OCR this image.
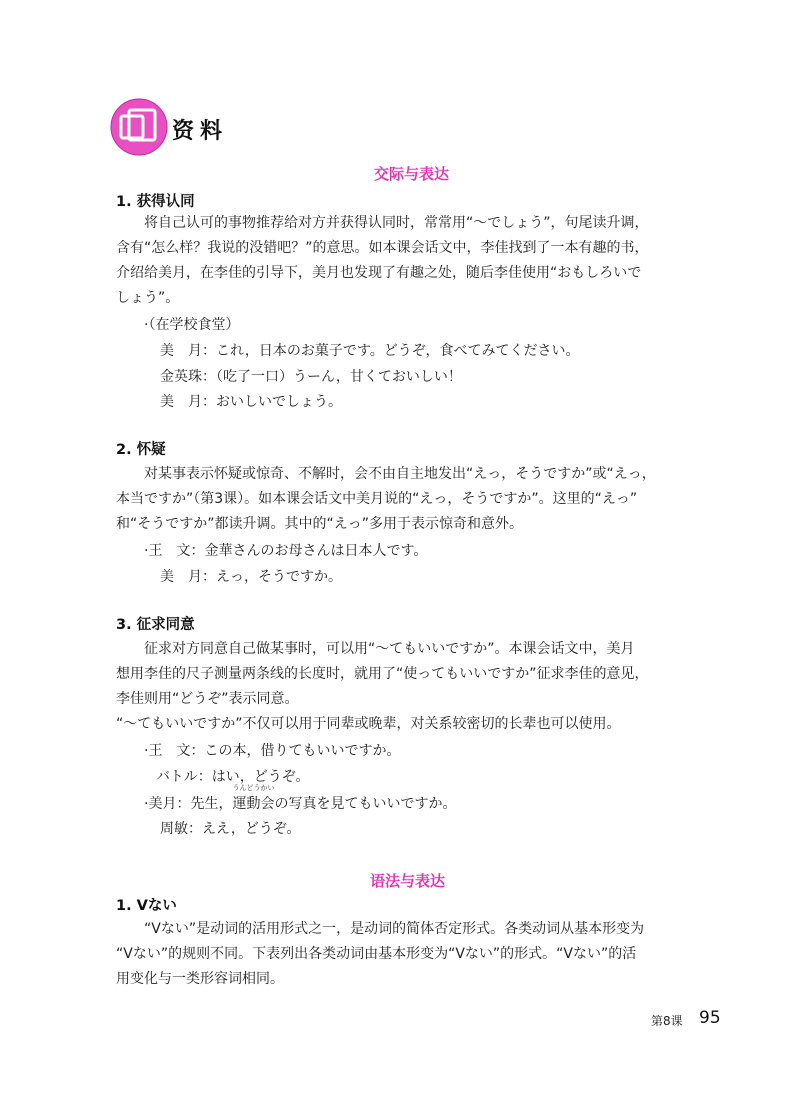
资料
交际与表达
1. 获得认同
将自己认可的事物推荐给对方并获得认同时，常常用“～でしょう”，句尾读升调，
含有“怎么样？我说的没错吧？”的意思。如本课会话文中，李佳找到了一本有趣的书，
介绍给美月，在李佳的引导下，美月也发现了有趣之处，随后李佳使用“おもしろいで
しょう”。
·（在学校食堂）
美　月：これ，日本のお菓子です。どうぞ，食べてみてください。
金英珠：（吃了一口）うーん，甘くておいしい！
美　月：おいしいでしょう。
2. 怀疑
对某事表示怀疑或惊奇、不解时，会不由自主地发出“えっ，そうですか”或“えっ，
本当ですか”（第3课）。如本课会话文中美月说的“えっ，そうですか”。这里的“えっ”
和“そうですか”都读升调。其中的“えっ”多用于表示惊奇和意外。
·王　文：金華さんのお母さんは日本人です。
美　月：えっ，そうですか。
3. 征求同意
征求对方同意自己做某事时，可以用“～てもいいですか”。本课会话文中，美月
想用李佳的尺子测量两条线的长度时，就用了“使ってもいいですか”征求李佳的意见，
李佳则用“どうぞ”表示同意。
“～てもいいですか”不仅可以用于同辈或晚辈，对关系较密切的长辈也可以使用。
·王　文：この本，借りてもいいですか。
バトル：はい，どうぞ。
·美月：先生，
うんどうかい
運動会の写真を見てもいいですか。
周敏：ええ，どうぞ。
语法与表达
1. Vない
“Vない”是动词的活用形式之一，是动词的简体否定形式。各类动词从基本形变为
“Vない”的规则不同。下表列出各类动词由基本形变为“Vない”的形式。“Vない”的活
用变化与一类形容词相同。
第8课 95
